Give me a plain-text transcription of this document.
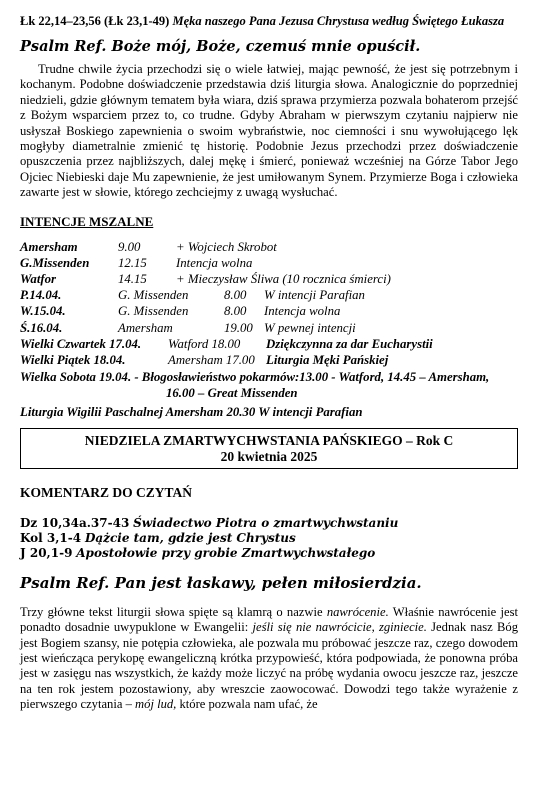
Łk 22,14–23,56 (Łk 23,1-49) Męka naszego Pana Jezusa Chrystusa według Świętego Łukasza
Psalm Ref. Boże mój, Boże, czemuś mnie opuścił.
Trudne chwile życia przechodzi się o wiele łatwiej, mając pewność, że jest się potrzebnym i kochanym. Podobne doświadczenie przedstawia dziś liturgia słowa. Analogicznie do poprzedniej niedzieli, gdzie głównym tematem była wiara, dziś sprawa przymierza pozwala bohaterom przejść z Bożym wsparciem przez to, co trudne. Gdyby Abraham w pierwszym czytaniu najpierw nie usłyszał Boskiego zapewnienia o swoim wybraństwie, noc ciemności i snu wywołującego lęk mogłyby diametralnie zmienić tę historię. Podobnie Jezus przechodzi przez doświadczenie opuszczenia przez najbliższych, dalej mękę i śmierć, ponieważ wcześniej na Górze Tabor Jego Ojciec Niebieski daje Mu zapewnienie, że jest umiłowanym Synem. Przymierze Boga i człowieka zawarte jest w słowie, którego zechciejmy z uwagą wysłuchać.
INTENCJE MSZALNE
Amersham	9.00	+ Wojciech Skrobot
G.Missenden	12.15	Intencja wolna
Watfor	14.15	+ Mieczysław Śliwa (10 rocznica śmierci)
P.14.04.	G. Missenden	8.00	W intencji Parafian
W.15.04.	G. Missenden	8.00	Intencja wolna
Ś.16.04.	Amersham	19.00	W pewnej intencji
Wielki Czwartek 17.04.	Watford 18.00	Dziękczynna za dar Eucharystii
Wielki Piątek 18.04.	Amersham 17.00	Liturgia Męki Pańskiej
Wielka Sobota 19.04. - Błogosławieństwo pokarmów:13.00 - Watford, 14.45 – Amersham,
16.00 – Great Missenden
Liturgia Wigilii Paschalnej Amersham 20.30 W intencji Parafian
NIEDZIELA ZMARTWYCHWSTANIA PAŃSKIEGO – Rok C
20 kwietnia 2025
KOMENTARZ DO CZYTAŃ
Dz 10,34a.37-43 Świadectwo Piotra o zmartwychwstaniu
Kol 3,1-4 Dążcie tam, gdzie jest Chrystus
J 20,1-9 Apostołowie przy grobie Zmartwychwstałego
Psalm Ref. Pan jest łaskawy, pełen miłosierdzia.
Trzy główne tekst liturgii słowa spięte są klamrą o nazwie nawrócenie. Właśnie nawrócenie jest ponadto dosadnie uwypuklone w Ewangelii: jeśli się nie nawrócicie, zginiecie. Jednak nasz Bóg jest Bogiem szansy, nie potępia człowieka, ale pozwala mu próbować jeszcze raz, czego dowodem jest wieńcząca perykopę ewangeliczną krótka przypowieść, która podpowiada, że ponowna próba jest w zasięgu nas wszystkich, że każdy może liczyć na próbę wydania owocu jeszcze raz, jeszcze na ten rok jestem pozostawiony, aby wreszcie zaowocować. Dowodzi tego także wyrażenie z pierwszego czytania – mój lud, które pozwala nam ufać, że
